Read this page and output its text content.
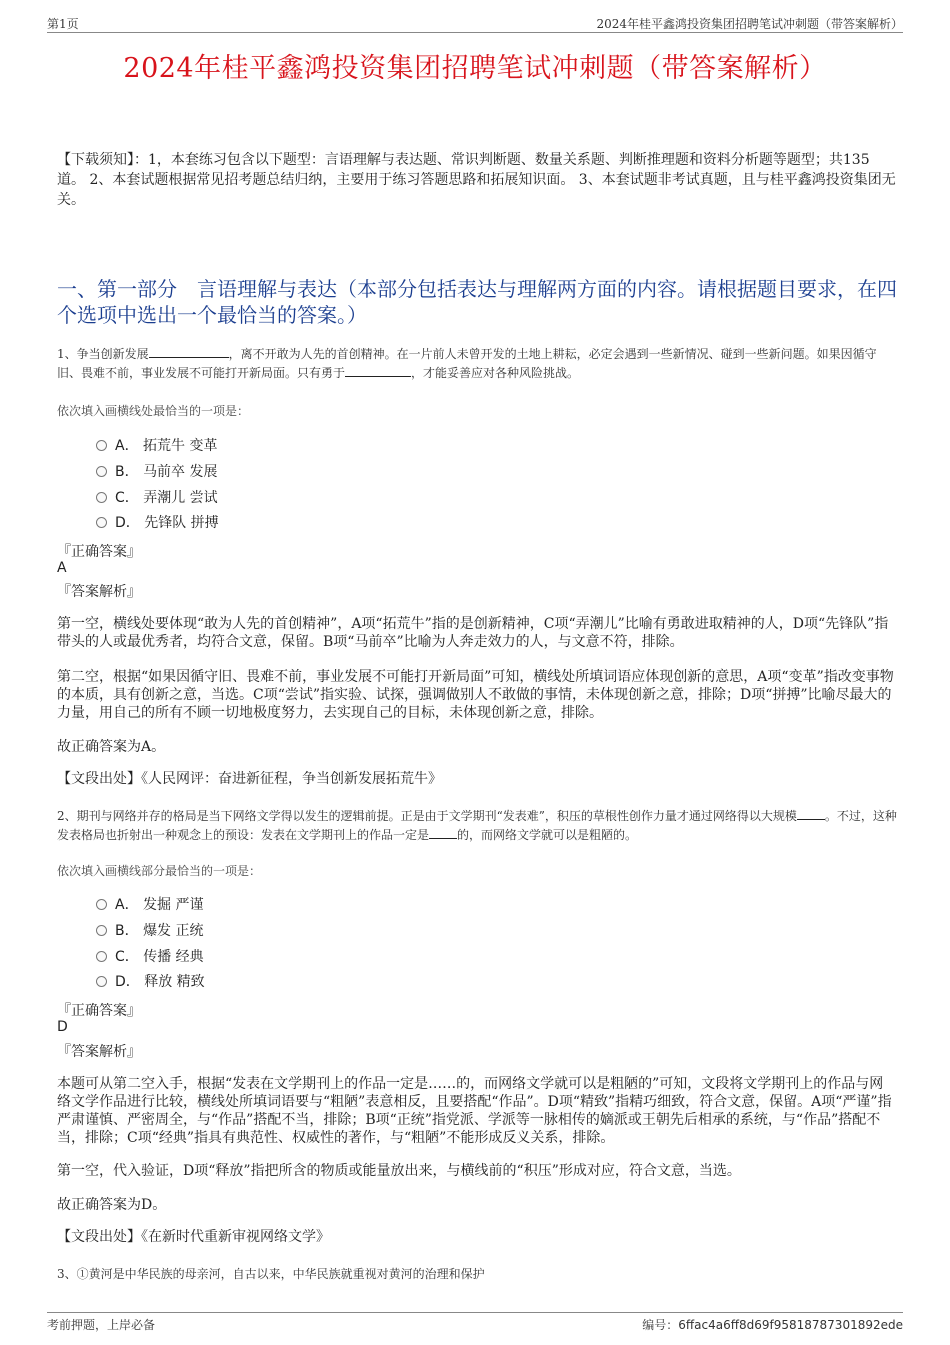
第1页	2024年桂平鑫鸿投资集团招聘笔试冲刺题（带答案解析）
2024年桂平鑫鸿投资集团招聘笔试冲刺题（带答案解析）
【下载须知】：1，本套练习包含以下题型：言语理解与表达题、常识判断题、数量关系题、判断推理题和资料分析题等题型；共135道。 2、本套试题根据常见招考题总结归纳，主要用于练习答题思路和拓展知识面。 3、本套试题非考试真题，且与桂平鑫鸿投资集团无关。
一、第一部分　言语理解与表达（本部分包括表达与理解两方面的内容。请根据题目要求，在四个选项中选出一个最恰当的答案。）
1、争当创新发展	，离不开敢为人先的首创精神。在一片前人未曾开发的土地上耕耘，必定会遇到一些新情况、碰到一些新问题。如果因循守旧、畏难不前，事业发展不可能打开新局面。只有勇于	，才能妥善应对各种风险挑战。
依次填入画横线处最恰当的一项是：
A． 拓荒牛 变革
B． 马前卒 发展
C． 弄潮儿 尝试
D． 先锋队 拼搏
『正确答案』
A
『答案解析』
第一空，横线处要体现“敢为人先的首创精神”，A项“拓荒牛”指的是创新精神，C项“弄潮儿”比喻有勇敢进取精神的人，D项“先锋队”指带头的人或最优秀者，均符合文意，保留。B项“马前卒”比喻为人奔走效力的人，与文意不符，排除。
第二空，根据“如果因循守旧、畏难不前，事业发展不可能打开新局面”可知，横线处所填词语应体现创新的意思，A项“变革”指改变事物的本质，具有创新之意，当选。C项“尝试”指实验、试探，强调做别人不敢做的事情，未体现创新之意，排除；D项“拼搏”比喻尽最大的力量，用自己的所有不顾一切地极度努力，去实现自己的目标，未体现创新之意，排除。
故正确答案为A。
【文段出处】《人民网评：奋进新征程，争当创新发展拓荒牛》
2、期刊与网络并存的格局是当下网络文学得以发生的逻辑前提。正是由于文学期刊“发表难”，积压的草根性创作力量才通过网络得以大规模 。不过，这种发表格局也折射出一种观念上的预设：发表在文学期刊上的作品一定是 的，而网络文学就可以是粗陋的。
依次填入画横线部分最恰当的一项是：
A． 发掘 严谨
B． 爆发 正统
C． 传播 经典
D． 释放 精致
『正确答案』
D
『答案解析』
本题可从第二空入手，根据“发表在文学期刊上的作品一定是……的，而网络文学就可以是粗陋的”可知，文段将文学期刊上的作品与网络文学作品进行比较，横线处所填词语要与“粗陋”表意相反，且要搭配“作品”。D项“精致”指精巧细致，符合文意，保留。A项“严谨”指严肃谨慎、严密周全，与“作品”搭配不当，排除；B项“正统”指党派、学派等一脉相传的嫡派或王朝先后相承的系统，与“作品”搭配不当，排除；C项“经典”指具有典范性、权威性的著作，与“粗陋”不能形成反义关系，排除。
第一空，代入验证，D项“释放”指把所含的物质或能量放出来，与横线前的“积压”形成对应，符合文意，当选。
故正确答案为D。
【文段出处】《在新时代重新审视网络文学》
3、①黄河是中华民族的母亲河，自古以来，中华民族就重视对黄河的治理和保护
考前押题，上岸必备	编号：6ffac4a6ff8d69f95818787301892ede
